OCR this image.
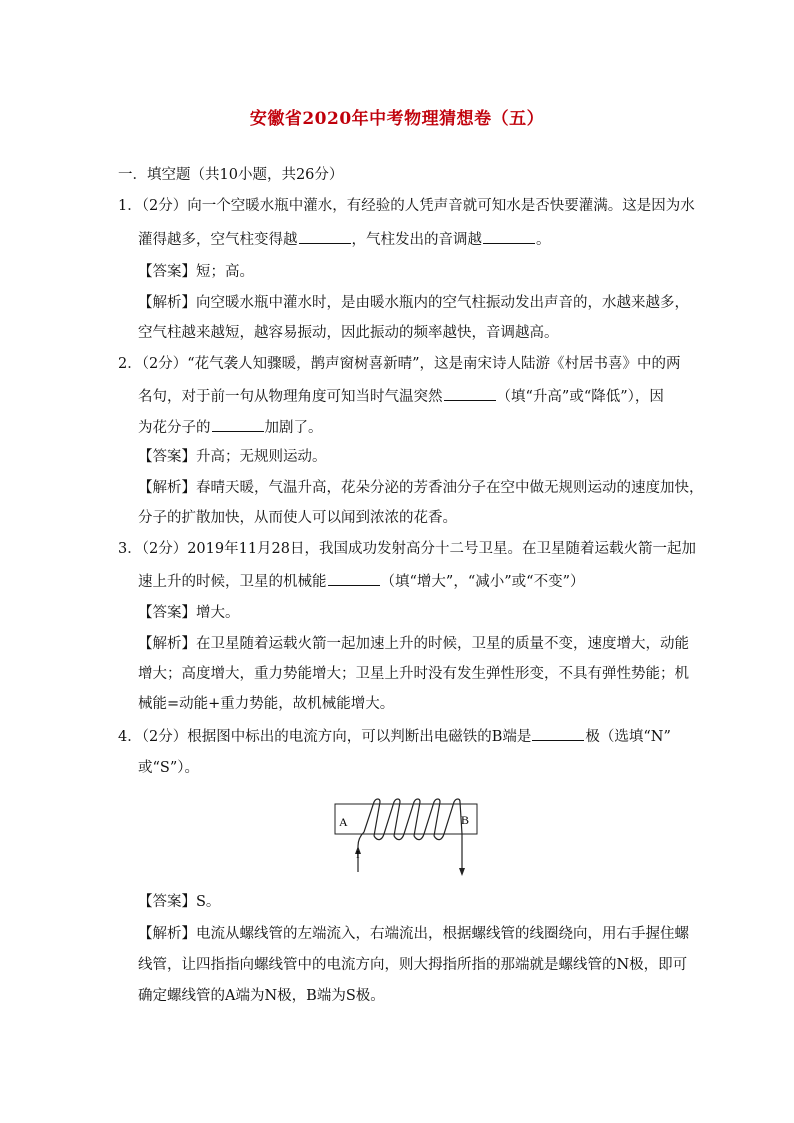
安徽省2020年中考物理猜想卷（五）
一．填空题（共10小题，共26分）
1．（2分）向一个空暖水瓶中灌水，有经验的人凭声音就可知水是否快要灌满。这是因为水
灌得越多，空气柱变得越	，气柱发出的音调越	。
【答案】短；高。
【解析】向空暖水瓶中灌水时，是由暖水瓶内的空气柱振动发出声音的，水越来越多，
空气柱越来越短，越容易振动，因此振动的频率越快，音调越高。
2．（2分）“花气袭人知骤暖，鹊声窗树喜新晴”，这是南宋诗人陆游《村居书喜》中的两
名句，对于前一句从物理角度可知当时气温突然	（填“升高”或“降低”），因
为花分子的	加剧了。
【答案】升高；无规则运动。
【解析】春晴天暖，气温升高，花朵分泌的芳香油分子在空中做无规则运动的速度加快，
分子的扩散加快，从而使人可以闻到浓浓的花香。
3．（2分）2019年11月28日，我国成功发射高分十二号卫星。在卫星随着运载火箭一起加
速上升的时候，卫星的机械能	（填“增大”，“减小”或“不变”）
【答案】增大。
【解析】在卫星随着运载火箭一起加速上升的时候，卫星的质量不变，速度增大，动能
增大；高度增大，重力势能增大；卫星上升时没有发生弹性形变，不具有弹性势能；机
械能=动能+重力势能，故机械能增大。
4．（2分）根据图中标出的电流方向，可以判断出电磁铁的B端是	极（选填“N”
或“S”）。
A	B
I
【答案】S。
【解析】电流从螺线管的左端流入，右端流出，根据螺线管的线圈绕向，用右手握住螺
线管，让四指指向螺线管中的电流方向，则大拇指所指的那端就是螺线管的N极，即可
确定螺线管的A端为N极，B端为S极。
